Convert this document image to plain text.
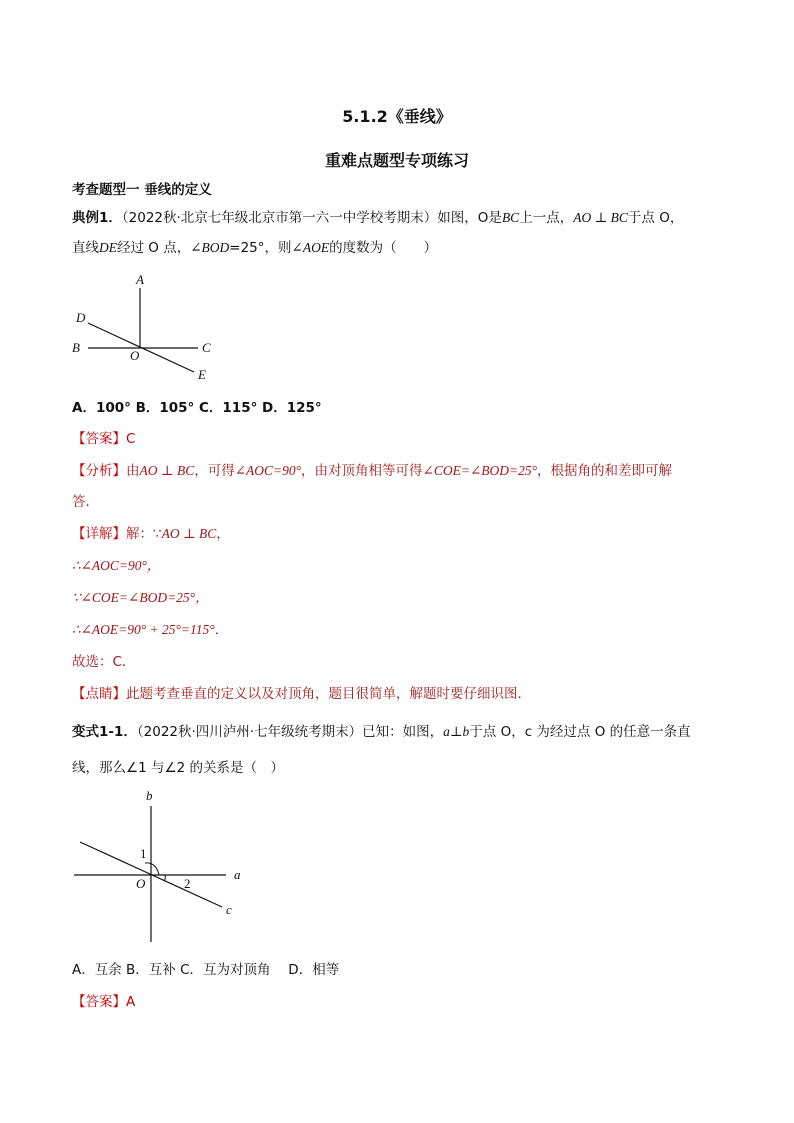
5.1.2《垂线》
重难点题型专项练习
考查题型一 垂线的定义
典例1．（2022秋·北京七年级北京市第一六一中学校考期末）如图，O是BC上一点，AO ⊥ BC于点 O，
直线DE经过 O 点，∠BOD=25°，则∠AOE的度数为（　　）
A
D
B
O
C
E
A．100° B．105° C．115° D．125°
【答案】C
【分析】由AO ⊥ BC，可得∠AOC=90°，由对顶角相等可得∠COE=∠BOD=25°，根据角的和差即可解
答．
【详解】解：∵AO ⊥ BC，
∴∠AOC=90°，
∵∠COE=∠BOD=25°，
∴∠AOE=90° + 25°=115°．
故选：C．
【点睛】此题考查垂直的定义以及对顶角，题目很简单，解题时要仔细识图．
变式1-1．（2022秋·四川泸州·七年级统考期末）已知：如图，a⊥b于点 O，c 为经过点 O 的任意一条直
线，那么∠1 与∠2 的关系是（　）
b
a
c
O
1
2
A．互余 B．互补 C．互为对顶角　 D．相等
【答案】A
